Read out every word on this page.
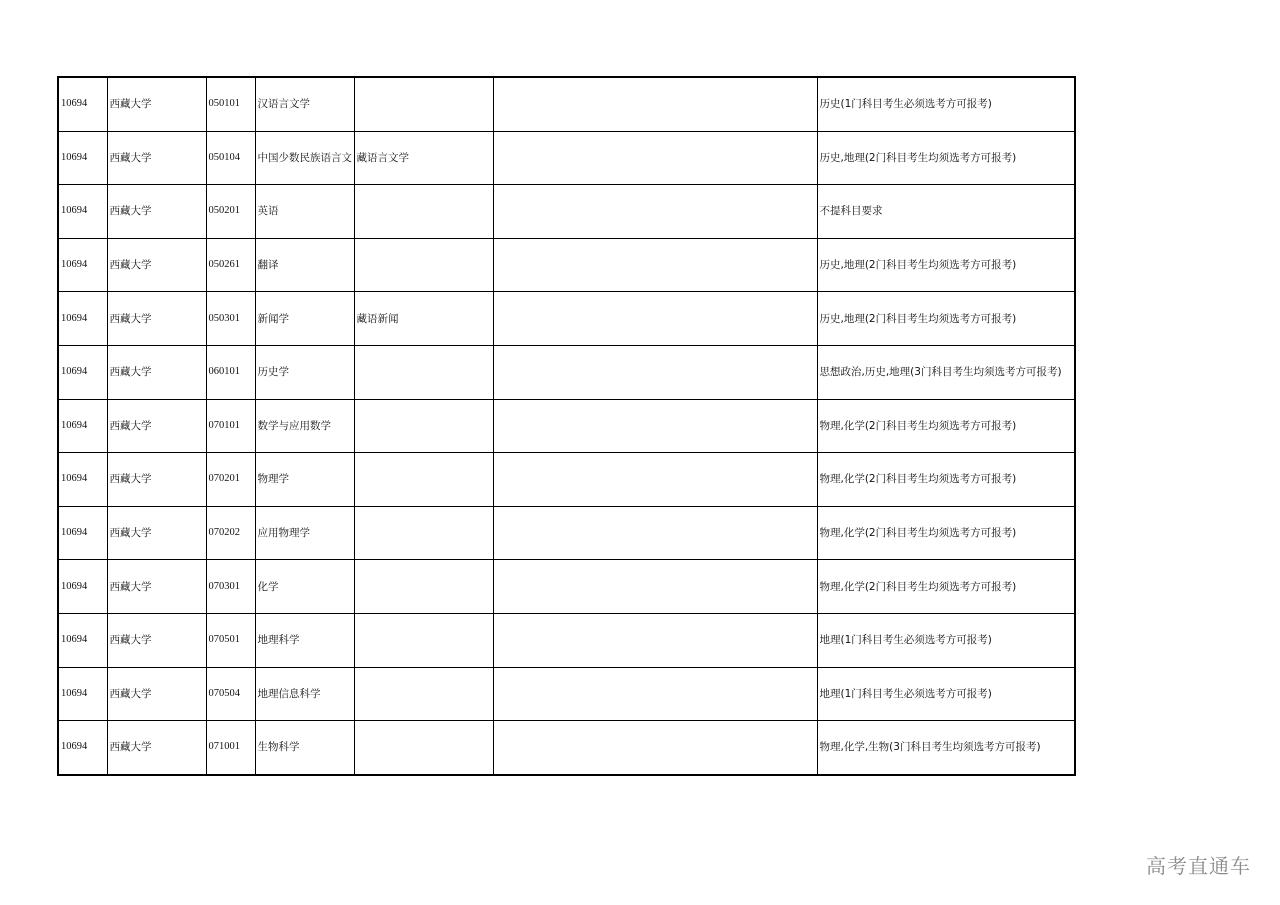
10694	西藏大学	050101	汉语言文学			历史(1门科目考生必须选考方可报考)
10694	西藏大学	050104	中国少数民族语言文	藏语言文学		历史,地理(2门科目考生均须选考方可报考)
10694	西藏大学	050201	英语			不提科目要求
10694	西藏大学	050261	翻译			历史,地理(2门科目考生均须选考方可报考)
10694	西藏大学	050301	新闻学	藏语新闻		历史,地理(2门科目考生均须选考方可报考)
10694	西藏大学	060101	历史学			思想政治,历史,地理(3门科目考生均须选考方可报考)
10694	西藏大学	070101	数学与应用数学			物理,化学(2门科目考生均须选考方可报考)
10694	西藏大学	070201	物理学			物理,化学(2门科目考生均须选考方可报考)
10694	西藏大学	070202	应用物理学			物理,化学(2门科目考生均须选考方可报考)
10694	西藏大学	070301	化学			物理,化学(2门科目考生均须选考方可报考)
10694	西藏大学	070501	地理科学			地理(1门科目考生必须选考方可报考)
10694	西藏大学	070504	地理信息科学			地理(1门科目考生必须选考方可报考)
10694	西藏大学	071001	生物科学			物理,化学,生物(3门科目考生均须选考方可报考)
高考直通车
